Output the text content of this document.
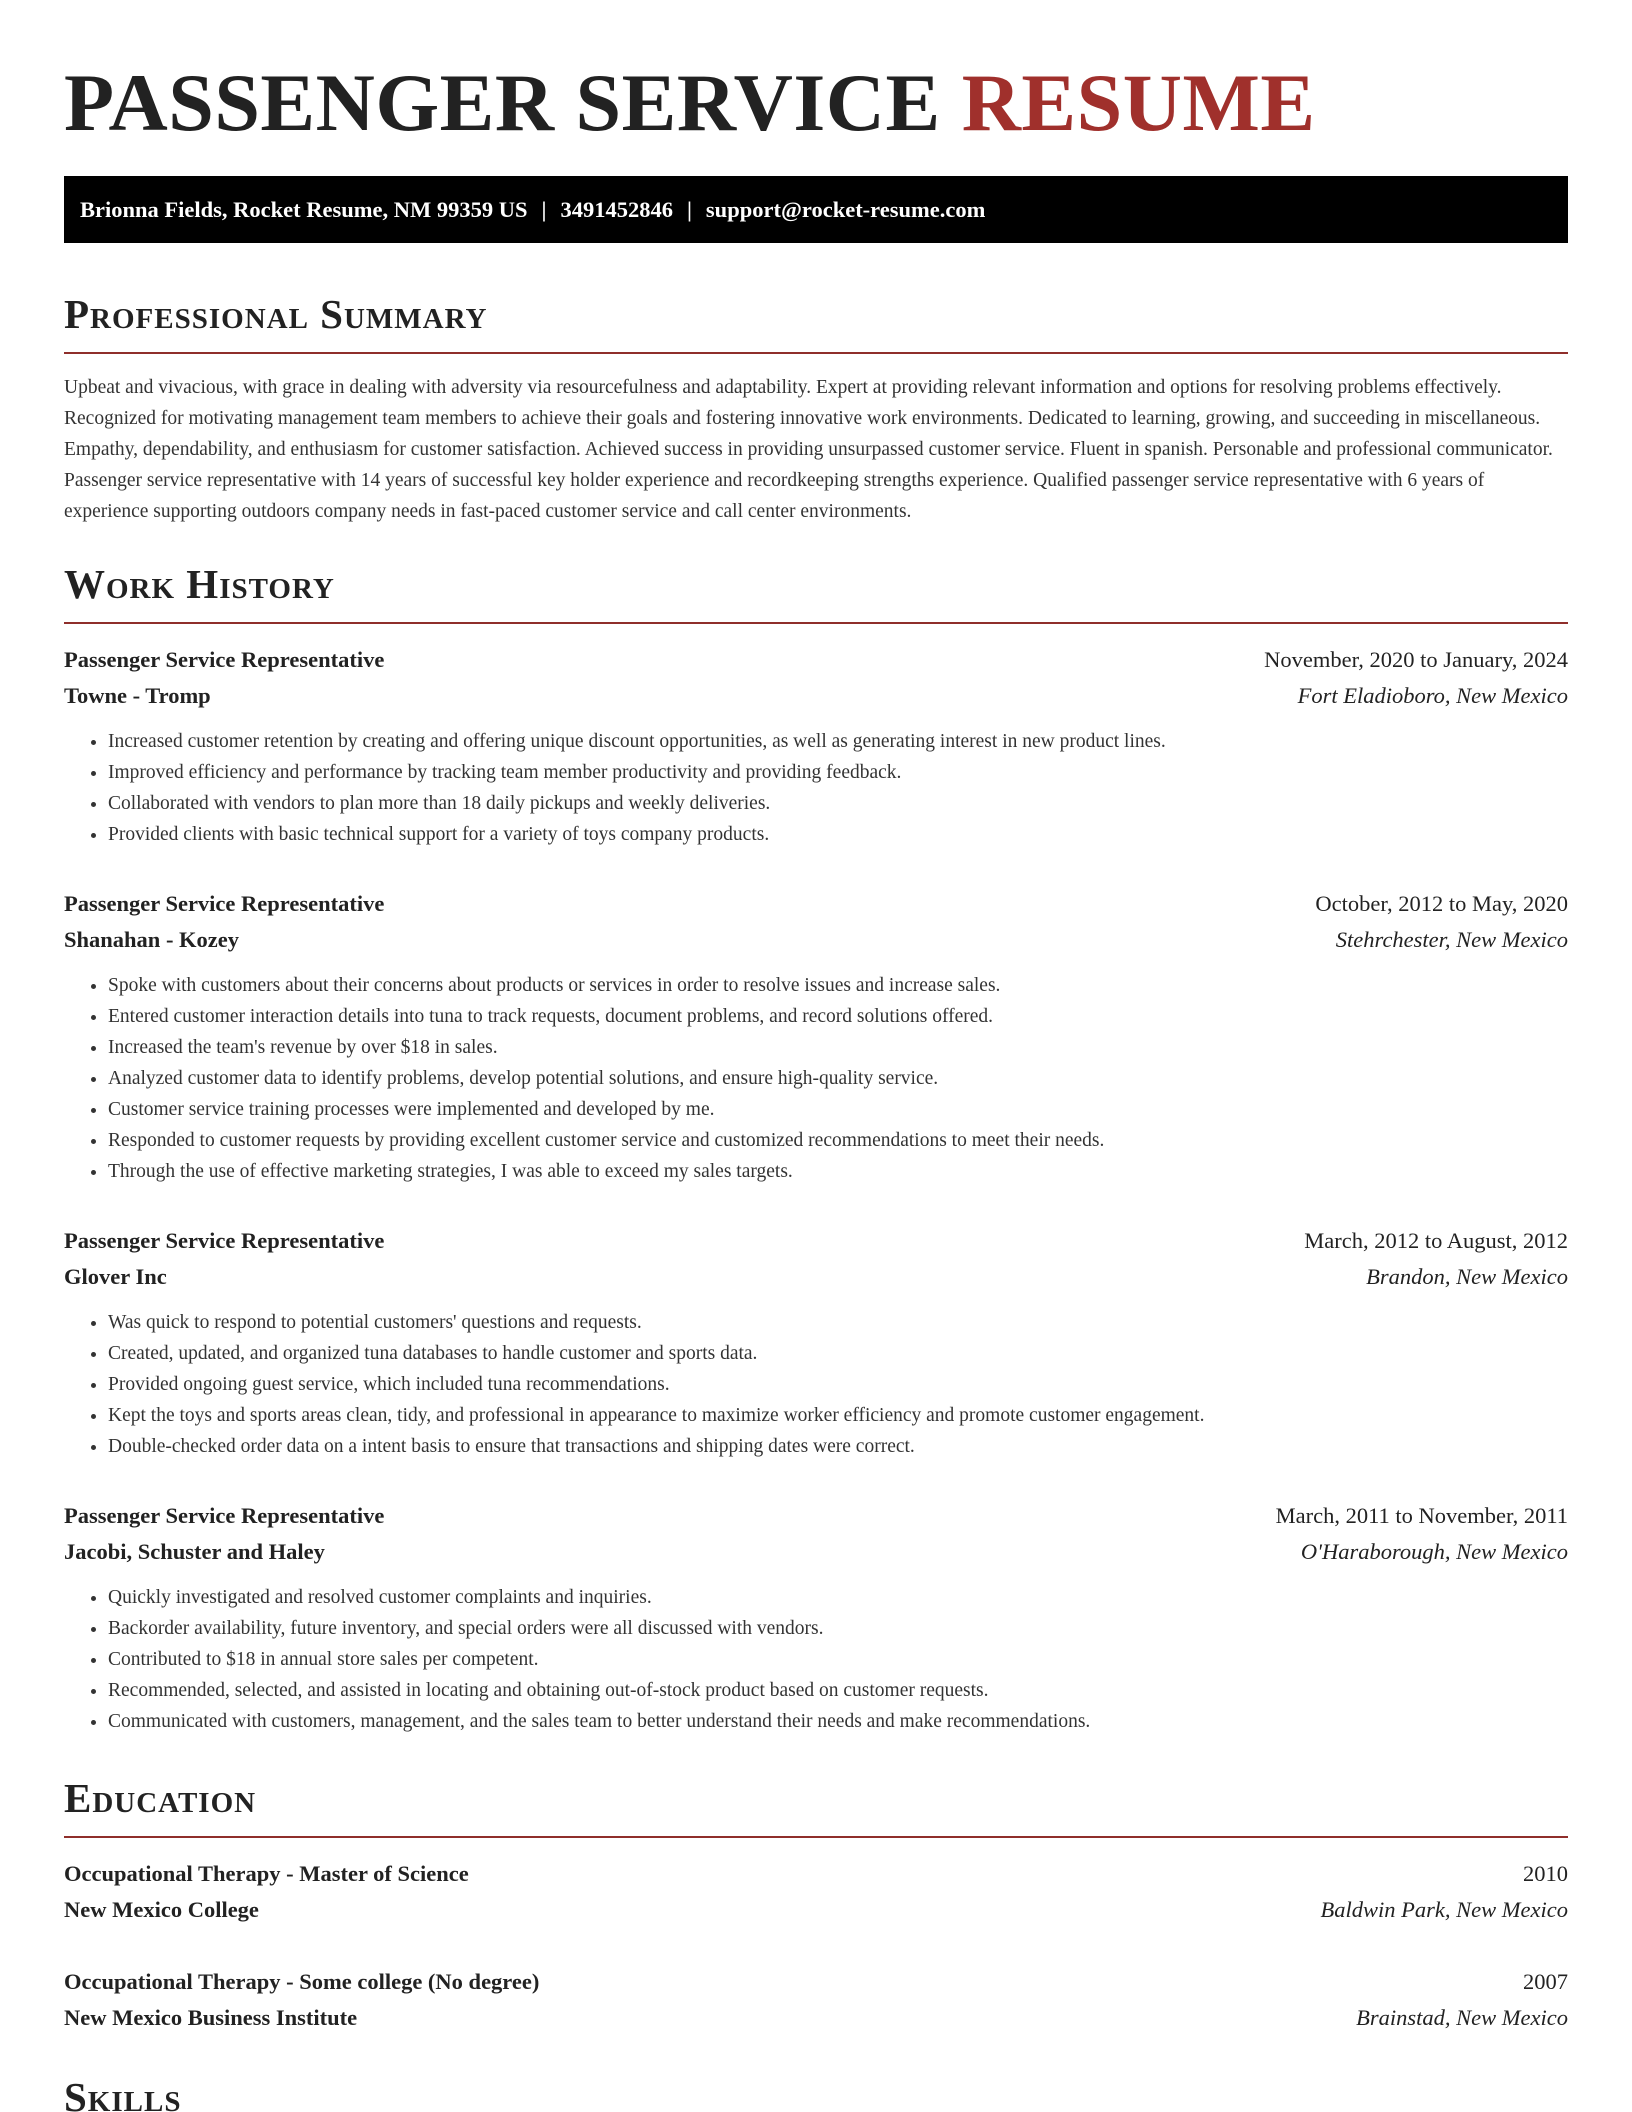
PASSENGER SERVICE RESUME
Brionna Fields, Rocket Resume, NM 99359 US | 3491452846 | support@rocket-resume.com
Professional Summary

Upbeat and vivacious, with grace in dealing with adversity via resourcefulness and adaptability. Expert at providing relevant information and options for resolving problems effectively. Recognized for motivating management team members to achieve their goals and fostering innovative work environments. Dedicated to learning, growing, and succeeding in miscellaneous. Empathy, dependability, and enthusiasm for customer satisfaction. Achieved success in providing unsurpassed customer service. Fluent in spanish. Personable and professional communicator. Passenger service representative with 14 years of successful key holder experience and recordkeeping strengths experience. Qualified passenger service representative with 6 years of experience supporting outdoors company needs in fast-paced customer service and call center environments.

Work History
Passenger Service Representative	November, 2020 to January, 2024
Towne - Tromp	Fort Eladioboro, New Mexico
• Increased customer retention by creating and offering unique discount opportunities, as well as generating interest in new product lines.
• Improved efficiency and performance by tracking team member productivity and providing feedback.
• Collaborated with vendors to plan more than 18 daily pickups and weekly deliveries.
• Provided clients with basic technical support for a variety of toys company products.
Passenger Service Representative	October, 2012 to May, 2020
Shanahan - Kozey	Stehrchester, New Mexico
• Spoke with customers about their concerns about products or services in order to resolve issues and increase sales.
• Entered customer interaction details into tuna to track requests, document problems, and record solutions offered.
• Increased the team's revenue by over $18 in sales.
• Analyzed customer data to identify problems, develop potential solutions, and ensure high-quality service.
• Customer service training processes were implemented and developed by me.
• Responded to customer requests by providing excellent customer service and customized recommendations to meet their needs.
• Through the use of effective marketing strategies, I was able to exceed my sales targets.
Passenger Service Representative	March, 2012 to August, 2012
Glover Inc	Brandon, New Mexico
• Was quick to respond to potential customers' questions and requests.
• Created, updated, and organized tuna databases to handle customer and sports data.
• Provided ongoing guest service, which included tuna recommendations.
• Kept the toys and sports areas clean, tidy, and professional in appearance to maximize worker efficiency and promote customer engagement.
• Double-checked order data on a intent basis to ensure that transactions and shipping dates were correct.
Passenger Service Representative	March, 2011 to November, 2011
Jacobi, Schuster and Haley	O'Haraborough, New Mexico
• Quickly investigated and resolved customer complaints and inquiries.
• Backorder availability, future inventory, and special orders were all discussed with vendors.
• Contributed to $18 in annual store sales per competent.
• Recommended, selected, and assisted in locating and obtaining out-of-stock product based on customer requests.
• Communicated with customers, management, and the sales team to better understand their needs and make recommendations.
Education
Occupational Therapy - Master of Science	2010
New Mexico College	Baldwin Park, New Mexico
Occupational Therapy - Some college (No degree)	2007
New Mexico Business Institute	Brainstad, New Mexico
Skills
